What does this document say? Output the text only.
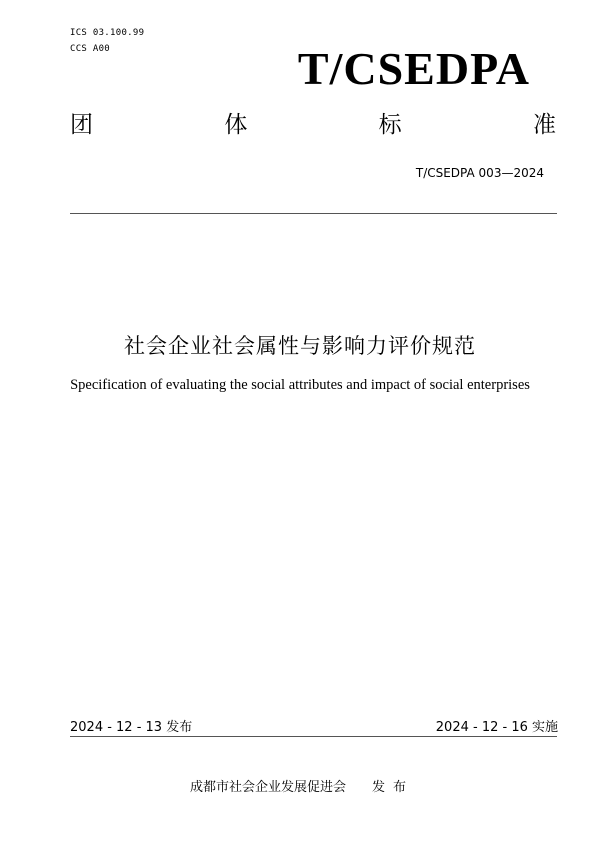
ICS 03.100.99
CCS A00	T/CSEDPA
团	体	标	准
T/CSEDPA 003—2024
社会企业社会属性与影响力评价规范
Specification of evaluating the social attributes and impact of social enterprises
2024 - 12 - 13 发布	2024 - 12 - 16 实施
成都市社会企业发展促进会 发布
